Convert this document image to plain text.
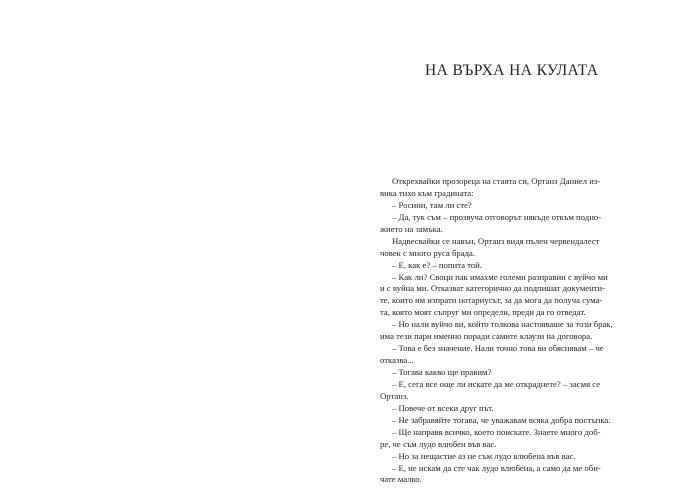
НА ВЪРХА НА КУЛАТА
Открехвайки прозореца на стаята си, Ортанз Даниел из-
вика тихо към градината:
– Росини, там ли сте?
– Да, тук съм – прозвуча отговорът някъде откъм подно-
жието на замъка.
Надвесвайки се навън, Ортанз видя пълен червендалест
човек с много руса брада.
– Е, как е? – попита той.
– Как ли? Своцн пак имахме големи разправии с вуйчо ми
и с вуйна ми. Отказват категорично да подпишат документи-
те, които им изпрати нотариусът, за да мога да получа сума-
та, която моят съпруг ми определи, преди да го отведат.
– Но нали вуйчо ви, който толкова настояваше за този брак,
има тези пари именно поради самите клаузи на договора.
– Това е без значение. Нали точно това ви обяснявам – че
отказва...
– Тогава какво ще правим?
– Е, сега все още ли искате да ме откраднете? – засмя се
Ортанз.
– Повече от всеки друг път.
– Не забравяйте тогава, че уважавам всяка добра постъпка.
– Ще направя всичко, което поискате. Знаете много доб-
ре, че съм лудо влюбен във вас.
– Но за нещастие аз не съм лудо влюбена във вас.
– Е, не искам да сте чак лудо влюбена, а само да ме оби-
чате малко.
